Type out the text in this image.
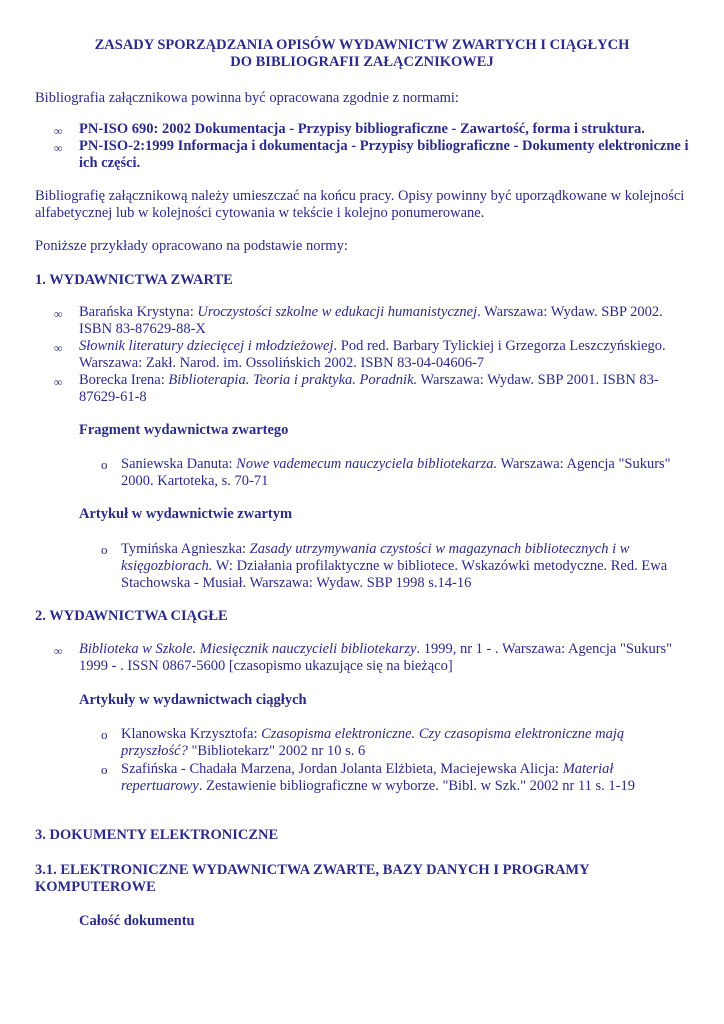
ZASADY SPORZĄDZANIA OPISÓW WYDAWNICTW ZWARTYCH I CIĄGŁYCH
DO BIBLIOGRAFII ZAŁĄCZNIKOWEJ
Bibliografia załącznikowa powinna być opracowana zgodnie z normami:
∞ PN-ISO 690: 2002 Dokumentacja - Przypisy bibliograficzne - Zawartość, forma i struktura.
∞ PN-ISO-2:1999 Informacja i dokumentacja - Przypisy bibliograficzne - Dokumenty elektroniczne i ich części.
Bibliografię załącznikową należy umieszczać na końcu pracy. Opisy powinny być uporządkowane w kolejności alfabetycznej lub w kolejności cytowania w tekście i kolejno ponumerowane.
Poniższe przykłady opracowano na podstawie normy:
1. WYDAWNICTWA ZWARTE
∞ Barańska Krystyna: Uroczystości szkolne w edukacji humanistycznej. Warszawa: Wydaw. SBP 2002. ISBN 83-87629-88-X
∞ Słownik literatury dziecięcej i młodzieżowej. Pod red. Barbary Tylickiej i Grzegorza Leszczyńskiego. Warszawa: Zakł. Narod. im. Ossolińskich 2002. ISBN 83-04-04606-7
∞ Borecka Irena: Biblioterapia. Teoria i praktyka. Poradnik. Warszawa: Wydaw. SBP 2001. ISBN 83-87629-61-8
Fragment wydawnictwa zwartego
o Saniewska Danuta: Nowe vademecum nauczyciela bibliotekarza. Warszawa: Agencja "Sukurs" 2000. Kartoteka, s. 70-71
Artykuł w wydawnictwie zwartym
o Tymińska Agnieszka: Zasady utrzymywania czystości w magazynach bibliotecznych i w księgozbiorach. W: Działania profilaktyczne w bibliotece. Wskazówki metodyczne. Red. Ewa Stachowska - Musiał. Warszawa: Wydaw. SBP 1998 s.14-16
2. WYDAWNICTWA CIĄGŁE
∞ Biblioteka w Szkole. Miesięcznik nauczycieli bibliotekarzy. 1999, nr 1 - . Warszawa: Agencja "Sukurs" 1999 - . ISSN 0867-5600 [czasopismo ukazujące się na bieżąco]
Artykuły w wydawnictwach ciągłych
o Klanowska Krzysztofa: Czasopisma elektroniczne. Czy czasopisma elektroniczne mają przyszłość? "Bibliotekarz" 2002 nr 10 s. 6
o Szafińska - Chadała Marzena, Jordan Jolanta Elżbieta, Maciejewska Alicja: Materiał repertuarowy. Zestawienie bibliograficzne w wyborze. "Bibl. w Szk." 2002 nr 11 s. 1-19
3. DOKUMENTY ELEKTRONICZNE
3.1. ELEKTRONICZNE WYDAWNICTWA ZWARTE, BAZY DANYCH I PROGRAMY KOMPUTEROWE
Całość dokumentu
